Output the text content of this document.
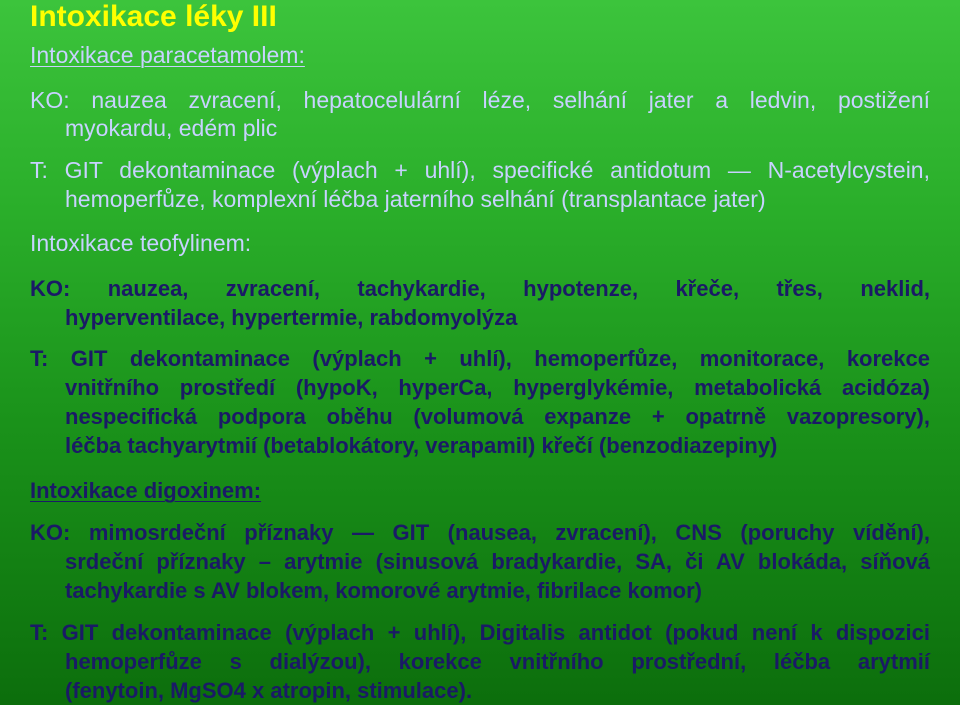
Intoxikace léky III
Intoxikace paracetamolem:
KO: nauzea zvracení, hepatocelulární léze, selhání jater a ledvin, postižení
myokardu, edém plic
T: GIT dekontaminace (výplach + uhlí), specifické antidotum — N-acetylcystein,
hemoperfůze, komplexní léčba jaterního selhání (transplantace jater)
Intoxikace teofylinem:
KO: nauzea, zvracení, tachykardie, hypotenze, křeče, třes, neklid,
hyperventilace, hypertermie, rabdomyolýza
T: GIT dekontaminace (výplach + uhlí), hemoperfůze, monitorace, korekce
vnitřního prostředí (hypoK, hyperCa, hyperglykémie, metabolická acidóza)
nespecifická podpora oběhu (volumová expanze + opatrně vazopresory),
léčba tachyarytmií (betablokátory, verapamil) křečí (benzodiazepiny)
Intoxikace digoxinem:
KO: mimosrdeční příznaky — GIT (nausea, zvracení), CNS (poruchy vídění),
srdeční příznaky – arytmie (sinusová bradykardie, SA, či AV blokáda, síňová
tachykardie s AV blokem, komorové arytmie, fibrilace komor)
T: GIT dekontaminace (výplach + uhlí), Digitalis antidot (pokud není k dispozici
hemoperfůze s dialýzou), korekce vnitřního prostřední, léčba arytmií
(fenytoin, MgSO4 x atropin, stimulace).
